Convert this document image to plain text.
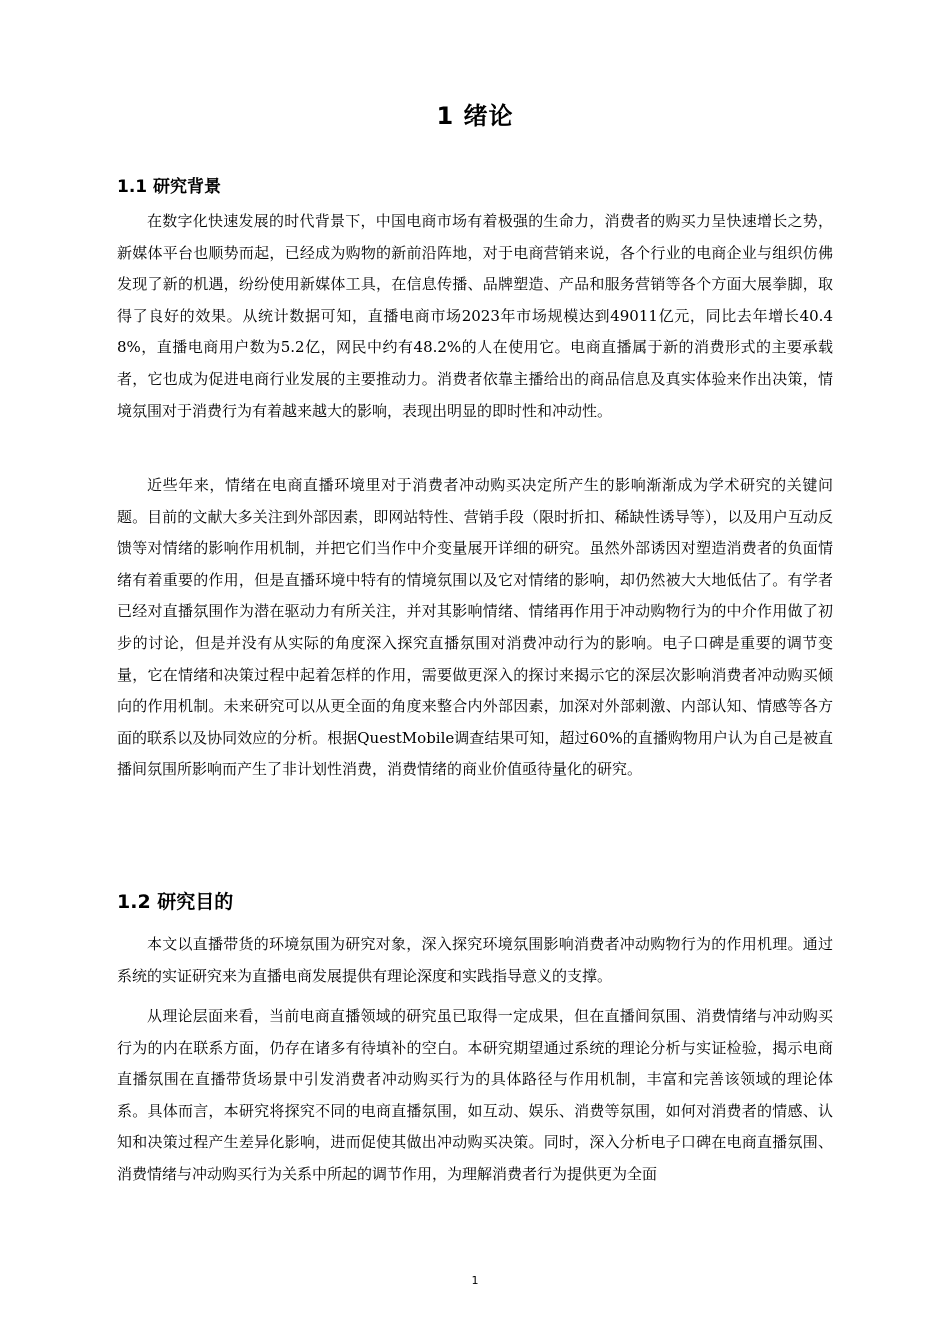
1 绪论
1.1 研究背景

在数字化快速发展的时代背景下，中国电商市场有着极强的生命力，消费者的购买力呈快速增长之势，新媒体平台也顺势而起，已经成为购物的新前沿阵地，对于电商营销来说，各个行业的电商企业与组织仿佛发现了新的机遇，纷纷使用新媒体工具，在信息传播、品牌塑造、产品和服务营销等各个方面大展拳脚，取得了良好的效果。从统计数据可知，直播电商市场2023年市场规模达到49011亿元，同比去年增长40.48%，直播电商用户数为5.2亿，网民中约有48.2%的人在使用它。电商直播属于新的消费形式的主要承载者，它也成为促进电商行业发展的主要推动力。消费者依靠主播给出的商品信息及真实体验来作出决策，情境氛围对于消费行为有着越来越大的影响，表现出明显的即时性和冲动性。

近些年来，情绪在电商直播环境里对于消费者冲动购买决定所产生的影响渐渐成为学术研究的关键问题。目前的文献大多关注到外部因素，即网站特性、营销手段（限时折扣、稀缺性诱导等），以及用户互动反馈等对情绪的影响作用机制，并把它们当作中介变量展开详细的研究。虽然外部诱因对塑造消费者的负面情绪有着重要的作用，但是直播环境中特有的情境氛围以及它对情绪的影响，却仍然被大大地低估了。有学者已经对直播氛围作为潜在驱动力有所关注，并对其影响情绪、情绪再作用于冲动购物行为的中介作用做了初步的讨论，但是并没有从实际的角度深入探究直播氛围对消费冲动行为的影响。电子口碑是重要的调节变量，它在情绪和决策过程中起着怎样的作用，需要做更深入的探讨来揭示它的深层次影响消费者冲动购买倾向的作用机制。未来研究可以从更全面的角度来整合内外部因素，加深对外部刺激、内部认知、情感等各方面的联系以及协同效应的分析。根据QuestMobile调查结果可知，超过60%的直播购物用户认为自己是被直播间氛围所影响而产生了非计划性消费，消费情绪的商业价值亟待量化的研究。

1.2 研究目的

本文以直播带货的环境氛围为研究对象，深入探究环境氛围影响消费者冲动购物行为的作用机理。通过系统的实证研究来为直播电商发展提供有理论深度和实践指导意义的支撑。

从理论层面来看，当前电商直播领域的研究虽已取得一定成果，但在直播间氛围、消费情绪与冲动购买行为的内在联系方面，仍存在诸多有待填补的空白。本研究期望通过系统的理论分析与实证检验，揭示电商直播氛围在直播带货场景中引发消费者冲动购买行为的具体路径与作用机制，丰富和完善该领域的理论体系。具体而言，本研究将探究不同的电商直播氛围，如互动、娱乐、消费等氛围，如何对消费者的情感、认知和决策过程产生差异化影响，进而促使其做出冲动购买决策。同时，深入分析电子口碑在电商直播氛围、消费情绪与冲动购买行为关系中所起的调节作用，为理解消费者行为提供更为全面

1
